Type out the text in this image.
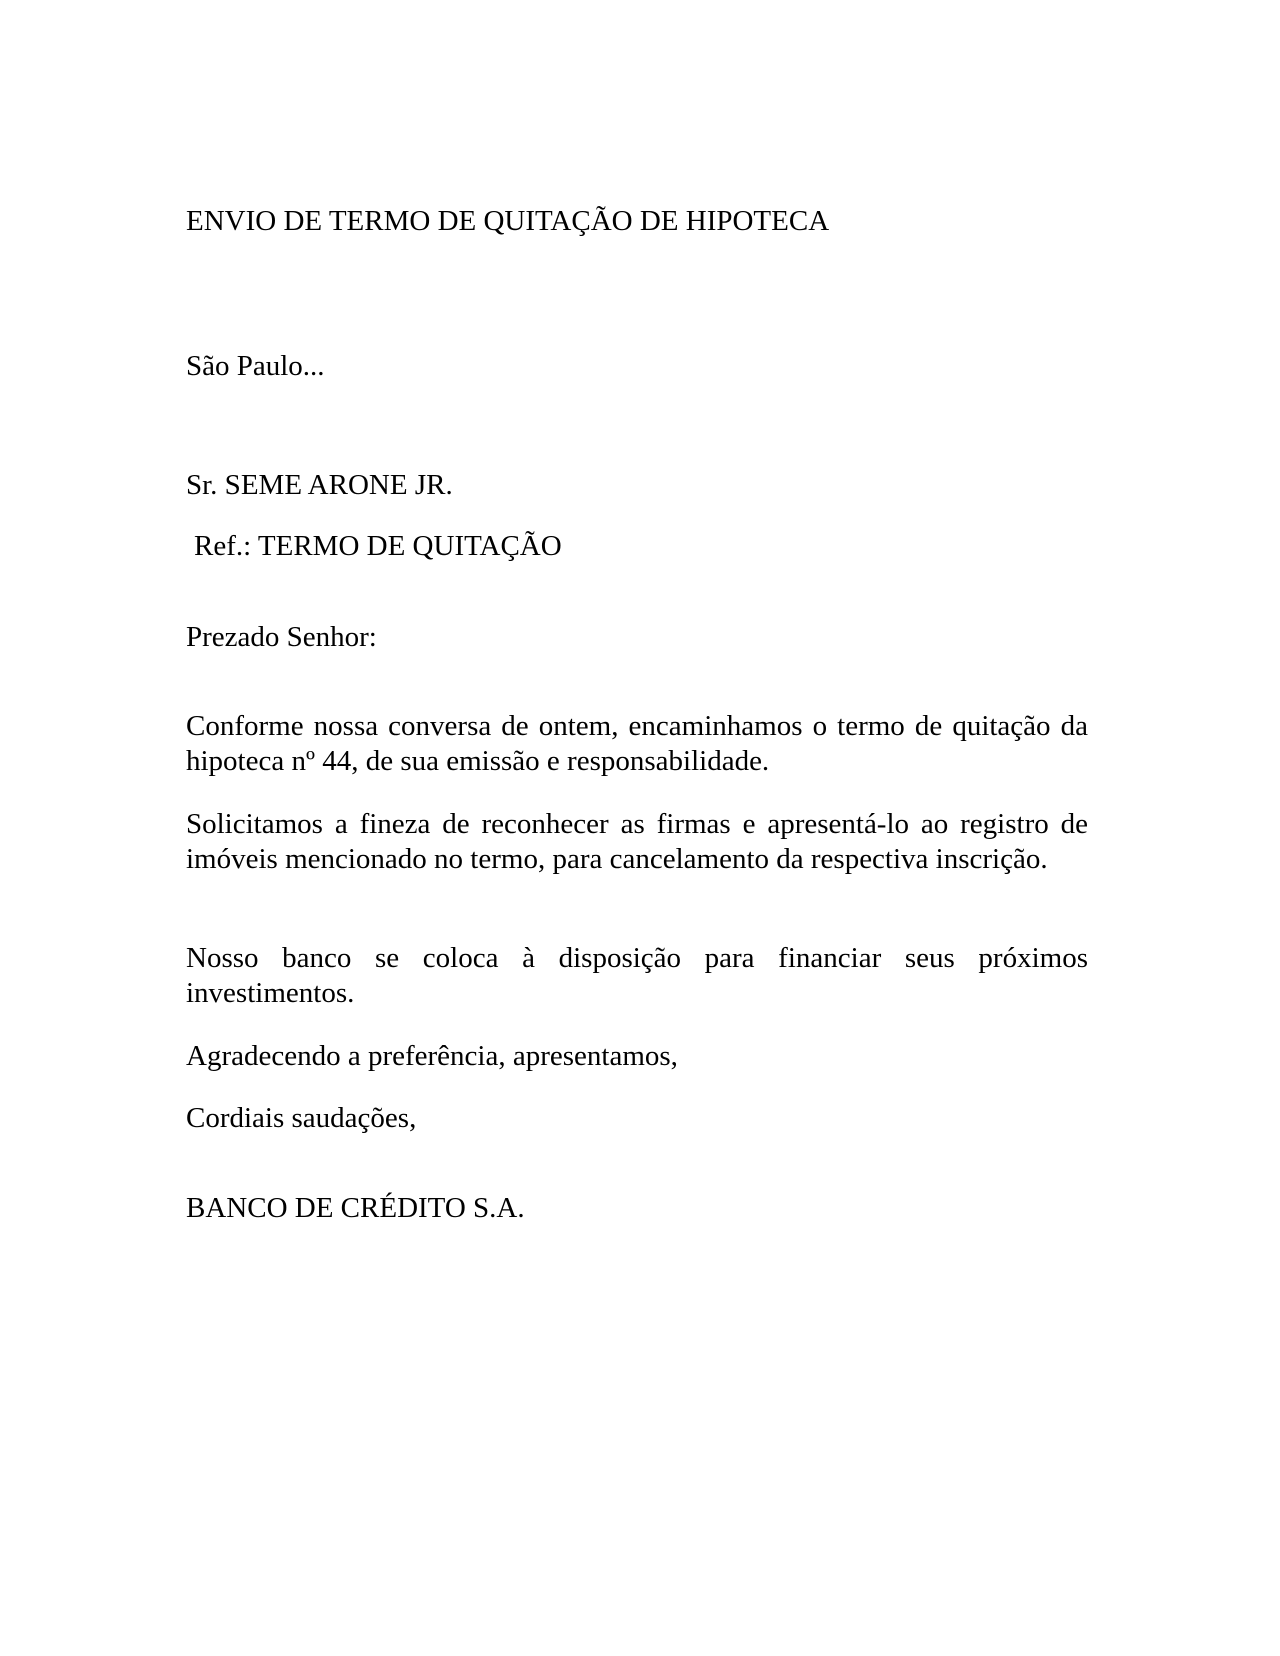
ENVIO DE TERMO DE QUITAÇÃO DE HIPOTECA

São Paulo...

Sr. SEME ARONE JR.

Ref.: TERMO DE QUITAÇÃO

Prezado Senhor:

Conforme nossa conversa de ontem, encaminhamos o termo de quitação da hipoteca nº 44, de sua emissão e responsabilidade.

Solicitamos a fineza de reconhecer as firmas e apresentá-lo ao registro de imóveis mencionado no termo, para cancelamento da respectiva inscrição.

Nosso banco se coloca à disposição para financiar seus próximos investimentos.

Agradecendo a preferência, apresentamos,

Cordiais saudações,

BANCO DE CRÉDITO S.A.
